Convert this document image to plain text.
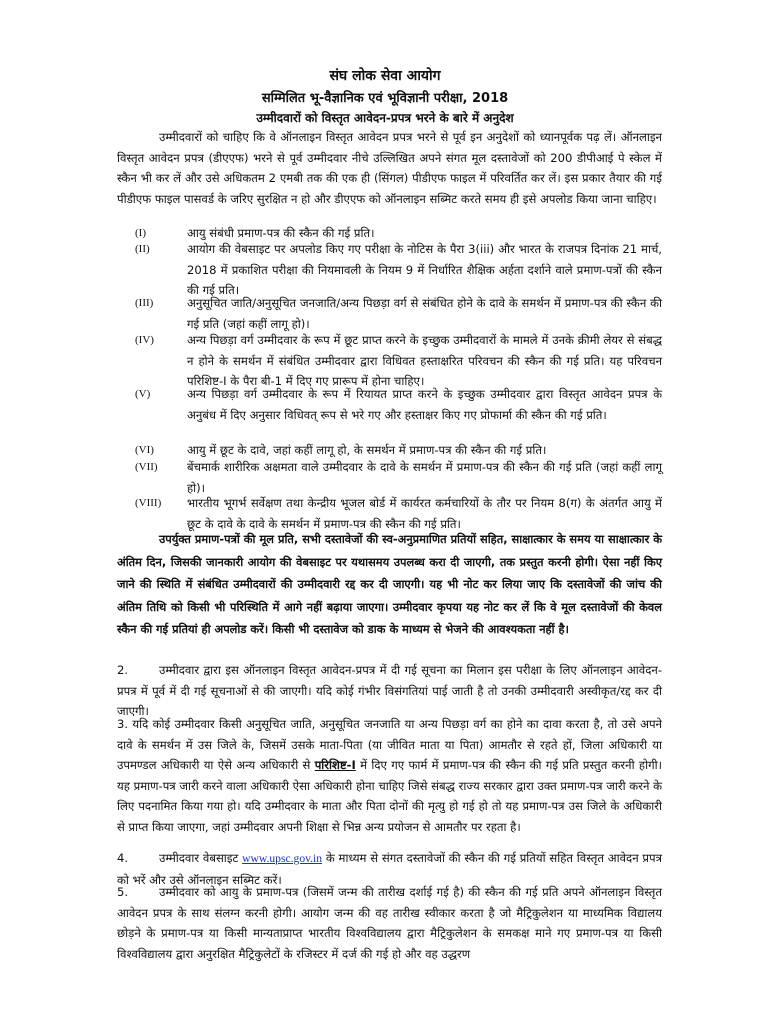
संघ लोक सेवा आयोग
सम्मिलित भू-वैज्ञानिक एवं भूविज्ञानी परीक्षा, 2018
उम्मीदवारों को विस्तृत आवेदन-प्रपत्र भरने के बारे में अनुदेश

उम्मीदवारों को चाहिए कि वे ऑनलाइन विस्तृत आवेदन प्रपत्र भरने से पूर्व इन अनुदेशों को ध्यानपूर्वक पढ़ लें। ऑनलाइन विस्तृत आवेदन प्रपत्र (डीएएफ) भरने से पूर्व उम्मीदवार नीचे उल्लिखित अपने संगत मूल दस्तावेजों को 200 डीपीआई पे स्केल में स्कैन भी कर लें और उसे अधिकतम 2 एमबी तक की एक ही (सिंगल) पीडीएफ फाइल में परिवर्तित कर लें। इस प्रकार तैयार की गई पीडीएफ फाइल पासवर्ड के जरिए सुरक्षित न हो और डीएएफ को ऑनलाइन सब्मिट करते समय ही इसे अपलोड किया जाना चाहिए।

(I)	आयु संबंधी प्रमाण-पत्र की स्कैन की गई प्रति।

(II)	आयोग की वेबसाइट पर अपलोड किए गए परीक्षा के नोटिस के पैरा 3(iii) और भारत के राजपत्र दिनांक 21 मार्च, 2018 में प्रकाशित परीक्षा की नियमावली के नियम 9 में निर्धारित शैक्षिक अर्हता दर्शाने वाले प्रमाण-पत्रों की स्कैन की गई प्रति।

(III)	अनुसूचित जाति/अनुसूचित जनजाति/अन्य पिछड़ा वर्ग से संबंधित होने के दावे के समर्थन में प्रमाण-पत्र की स्कैन की गई प्रति (जहां कहीं लागू हो)।

(IV)	अन्य पिछड़ा वर्ग उम्मीदवार के रूप में छूट प्राप्त करने के इच्छुक उम्मीदवारों के मामले में उनके क्रीमी लेयर से संबद्ध न होने के समर्थन में संबंधित उम्मीदवार द्वारा विधिवत हस्ताक्षरित परिवचन की स्कैन की गई प्रति। यह परिवचन परिशिष्ट-I के पैरा बी-1 में दिए गए प्रारूप में होना चाहिए।

(V)	अन्य पिछड़ा वर्ग उम्मीदवार के रूप में रियायत प्राप्त करने के इच्छुक उम्मीदवार द्वारा विस्तृत आवेदन प्रपत्र के अनुबंध में दिए अनुसार विधिवत् रूप से भरे गए और हस्ताक्षर किए गए प्रोफार्मा की स्कैन की गई प्रति।

(VI)	आयु में छूट के दावे, जहां कहीं लागू हो, के समर्थन में प्रमाण-पत्र की स्कैन की गई प्रति।

(VII)	बेंचमार्क शारीरिक अक्षमता वाले उम्मीदवार के दावे के समर्थन में प्रमाण-पत्र की स्कैन की गई प्रति (जहां कहीं लागू हो)।

(VIII)	भारतीय भूगर्भ सर्वेक्षण तथा केन्द्रीय भूजल बोर्ड में कार्यरत कर्मचारियों के तौर पर नियम 8(ग) के अंतर्गत आयु में छूट के दावे के दावे के समर्थन में प्रमाण-पत्र की स्कैन की गई प्रति।

उपर्युक्त प्रमाण-पत्रों की मूल प्रति, सभी दस्तावेजों की स्व-अनुप्रमाणित प्रतियों सहित, साक्षात्कार के समय या साक्षात्कार के अंतिम दिन, जिसकी जानकारी आयोग की वेबसाइट पर यथासमय उपलब्ध करा दी जाएगी, तक प्रस्तुत करनी होगी। ऐसा नहीं किए जाने की स्थिति में संबंधित उम्मीदवारों की उम्मीदवारी रद्द कर दी जाएगी। यह भी नोट कर लिया जाए कि दस्तावेजों की जांच की अंतिम तिथि को किसी भी परिस्थिति में आगे नहीं बढ़ाया जाएगा। उम्मीदवार कृपया यह नोट कर लें कि वे मूल दस्तावेजों की केवल स्कैन की गई प्रतियां ही अपलोड करें। किसी भी दस्तावेज को डाक के माध्यम से भेजने की आवश्यकता नहीं है।

2.	उम्मीदवार द्वारा इस ऑनलाइन विस्तृत आवेदन-प्रपत्र में दी गई सूचना का मिलान इस परीक्षा के लिए ऑनलाइन आवेदन-प्रपत्र में पूर्व में दी गई सूचनाओं से की जाएगी। यदि कोई गंभीर विसंगतियां पाई जाती है तो उनकी उम्मीदवारी अस्वीकृत/रद्द कर दी जाएगी।

3. यदि कोई उम्मीदवार किसी अनुसूचित जाति, अनुसूचित जनजाति या अन्य पिछड़ा वर्ग का होने का दावा करता है, तो उसे अपने दावे के समर्थन में उस जिले के, जिसमें उसके माता-पिता (या जीवित माता या पिता) आमतौर से रहते हों, जिला अधिकारी या उपमण्डल अधिकारी या ऐसे अन्य अधिकारी से परिशिष्ट-I में दिए गए फार्म में प्रमाण-पत्र की स्कैन की गई प्रति प्रस्तुत करनी होगी। यह प्रमाण-पत्र जारी करने वाला अधिकारी ऐसा अधिकारी होना चाहिए जिसे संबद्ध राज्य सरकार द्वारा उक्त प्रमाण-पत्र जारी करने के लिए पदनामित किया गया हो। यदि उम्मीदवार के माता और पिता दोनों की मृत्यु हो गई हो तो यह प्रमाण-पत्र उस जिले के अधिकारी से प्राप्त किया जाएगा, जहां उम्मीदवार अपनी शिक्षा से भिन्न अन्य प्रयोजन से आमतौर पर रहता है।

4.	उम्मीदवार वेबसाइट www.upsc.gov.in के माध्यम से संगत दस्तावेजों की स्कैन की गई प्रतियों सहित विस्तृत आवेदन प्रपत्र को भरें और उसे ऑनलाइन सब्मिट करें।

5.	उम्मीदवार को आयु के प्रमाण-पत्र (जिसमें जन्म की तारीख दर्शाई गई है) की स्कैन की गई प्रति अपने ऑनलाइन विस्तृत आवेदन प्रपत्र के साथ संलग्न करनी होगी। आयोग जन्म की वह तारीख स्वीकार करता है जो मैट्रिकुलेशन या माध्यमिक विद्यालय छोड़ने के प्रमाण-पत्र या किसी मान्यताप्राप्त भारतीय विश्वविद्यालय द्वारा मैट्रिकुलेशन के समकक्ष माने गए प्रमाण-पत्र या किसी विश्वविद्यालय द्वारा अनुरक्षित मैट्रिकुलेटों के रजिस्टर में दर्ज की गई हो और वह उद्धरण
